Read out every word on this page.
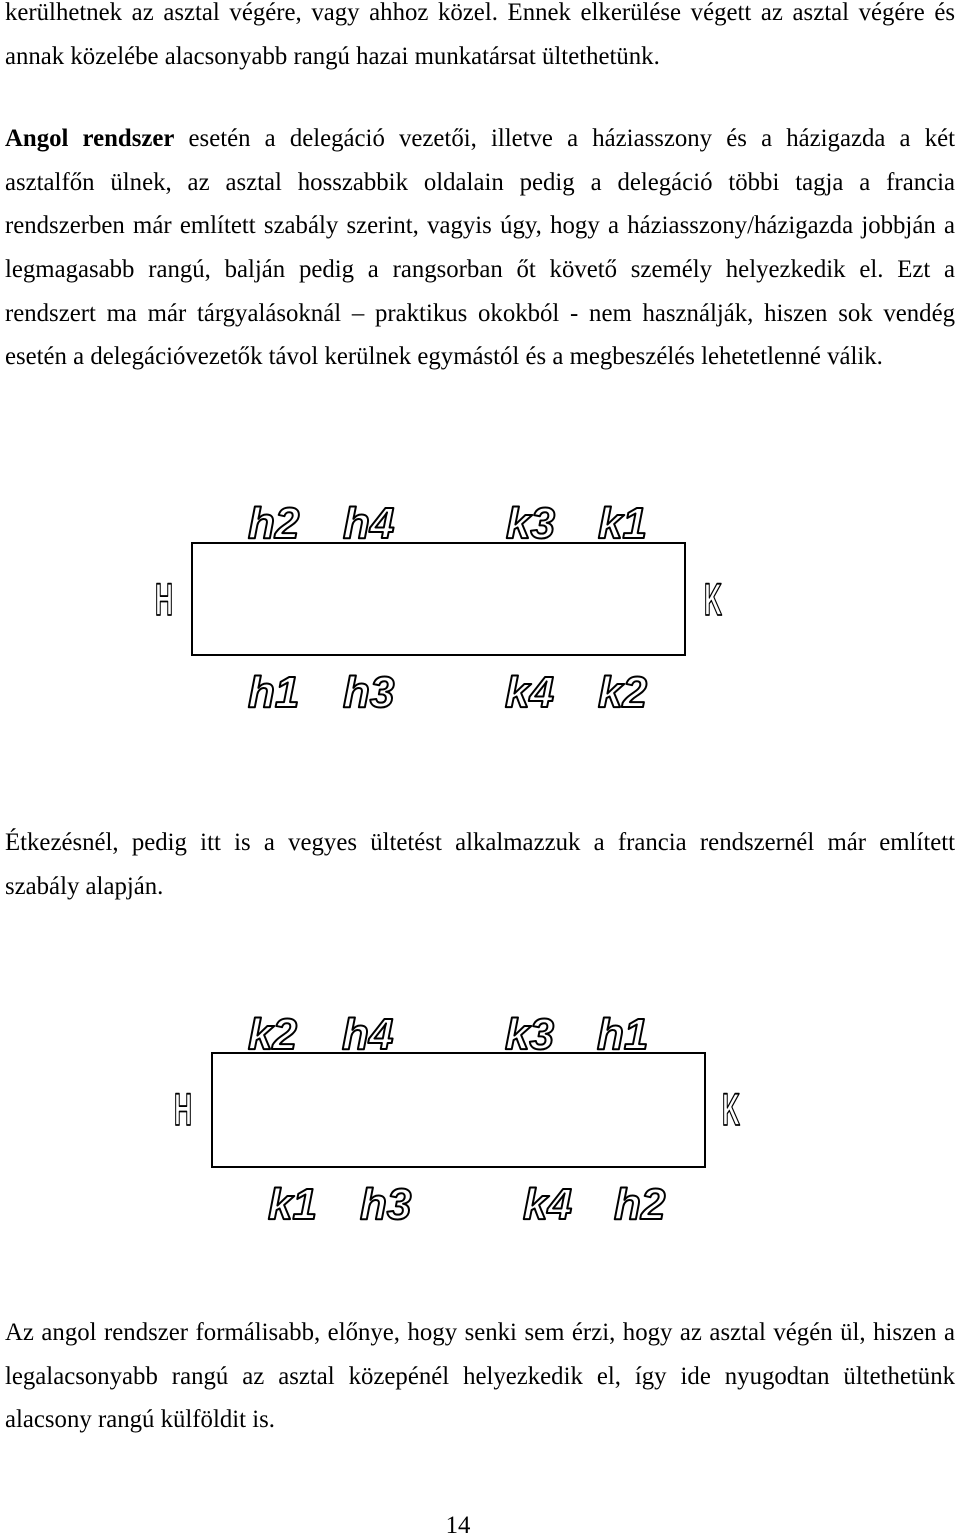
kerülhetnek az asztal végére, vagy ahhoz közel. Ennek elkerülése végett az asztal végére és
annak közelébe alacsonyabb rangú hazai munkatársat ültethetünk.
Angol rendszer esetén a delegáció vezetői, illetve a háziasszony és a házigazda a két
asztalfőn ülnek, az asztal hosszabbik oldalain pedig a delegáció többi tagja a francia
rendszerben már említett szabály szerint, vagyis úgy, hogy a háziasszony/házigazda jobbján a
legmagasabb rangú, balján pedig a rangsorban őt követő személy helyezkedik el. Ezt a
rendszert ma már tárgyalásoknál – praktikus okokból - nem használják, hiszen sok vendég
esetén a delegációvezetők távol kerülnek egymástól és a megbeszélés lehetetlenné válik.
h2 h4	k3 k1
H	K
h1 h3	k4 k2
Étkezésnél, pedig itt is a vegyes ültetést alkalmazzuk a francia rendszernél már említett
szabály alapján.
k2 h4	k3 h1
H	K
k1 h3	k4 h2
Az angol rendszer formálisabb, előnye, hogy senki sem érzi, hogy az asztal végén ül, hiszen a
legalacsonyabb rangú az asztal közepénél helyezkedik el, így ide nyugodtan ültethetünk
alacsony rangú külföldit is.
14
